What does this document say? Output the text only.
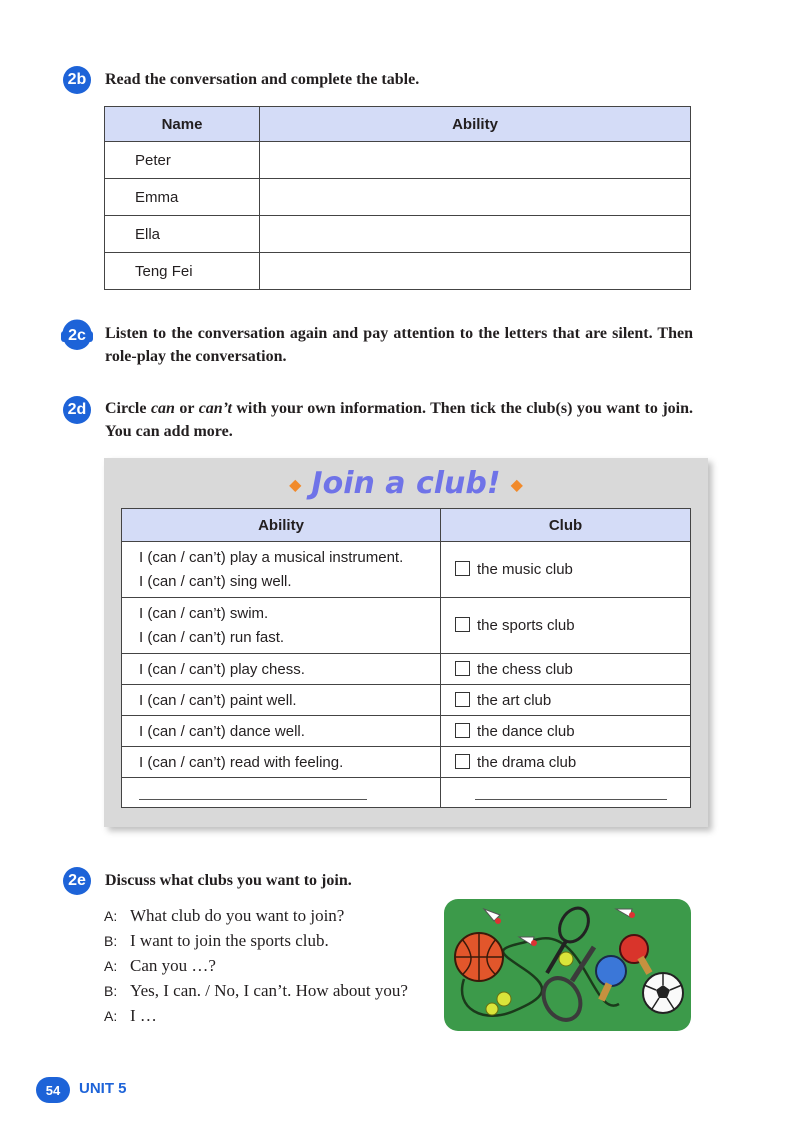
2b Read the conversation and complete the table.
Name	Ability
Peter	
Emma	
Ella	
Teng Fei	
2c	Listen to the conversation again and pay attention to the letters that are silent. Then role-play the conversation.
2d Circle can or can’t with your own information. Then tick the club(s) you want to join. You can add more.
◆ Join a club! ◆
Ability	Club
I (can / can’t) play a musical instrument.
I (can / can’t) sing well.	the music club
I (can / can’t) swim.
I (can / can’t) run fast.	the sports club
I (can / can’t) play chess.	the chess club
I (can / can’t) paint well.	the art club
I (can / can’t) dance well.	the dance club
I (can / can’t) read with feeling.	the drama club

2e	Discuss what clubs you want to join.
A: What club do you want to join?
B: I want to join the sports club.
A: Can you …?
B: Yes, I can. / No, I can’t. How about you?
A: I …
54	UNIT 5
